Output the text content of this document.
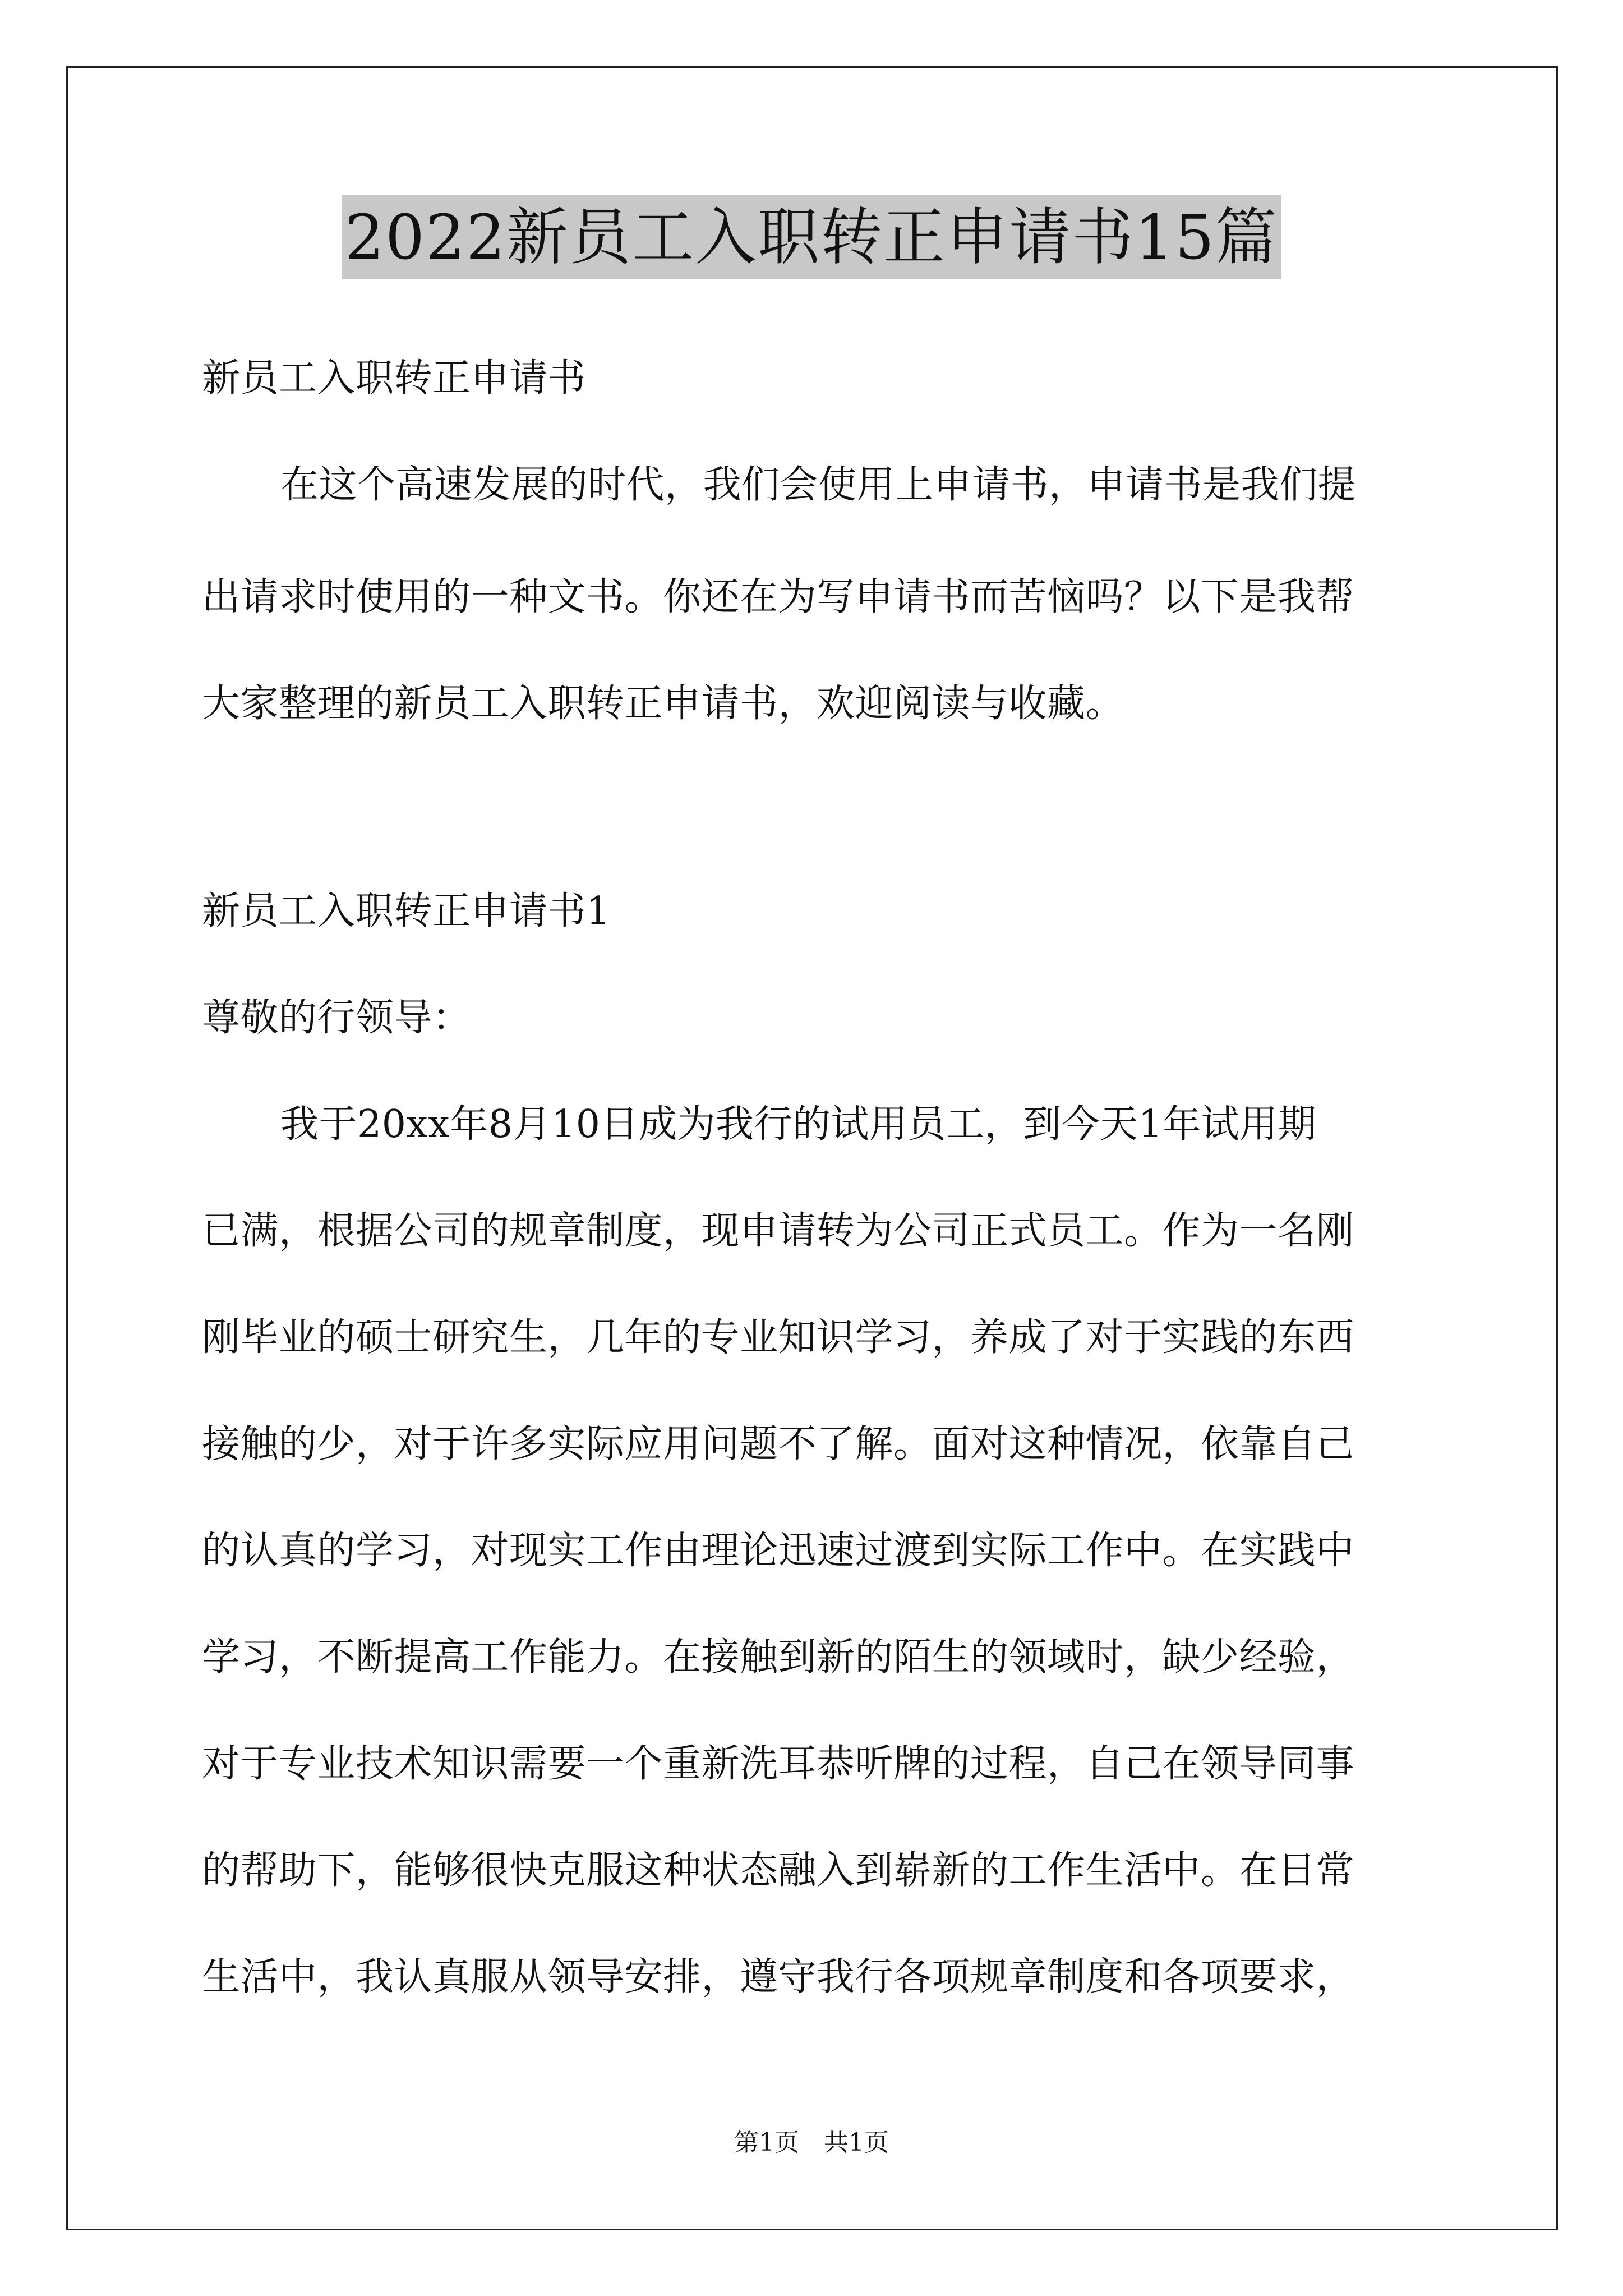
2022新员工入职转正申请书15篇
新员工入职转正申请书
在这个高速发展的时代，我们会使用上申请书，申请书是我们提
出请求时使用的一种文书。你还在为写申请书而苦恼吗？以下是我帮
大家整理的新员工入职转正申请书，欢迎阅读与收藏。
新员工入职转正申请书1
尊敬的行领导：
我于20xx年8月10日成为我行的试用员工，到今天1年试用期
已满，根据公司的规章制度，现申请转为公司正式员工。作为一名刚
刚毕业的硕士研究生，几年的专业知识学习，养成了对于实践的东西
接触的少，对于许多实际应用问题不了解。面对这种情况，依靠自己
的认真的学习，对现实工作由理论迅速过渡到实际工作中。在实践中
学习，不断提高工作能力。在接触到新的陌生的领域时，缺少经验，
对于专业技术知识需要一个重新洗耳恭听牌的过程，自己在领导同事
的帮助下，能够很快克服这种状态融入到崭新的工作生活中。在日常
生活中，我认真服从领导安排，遵守我行各项规章制度和各项要求，
第1页　共1页
